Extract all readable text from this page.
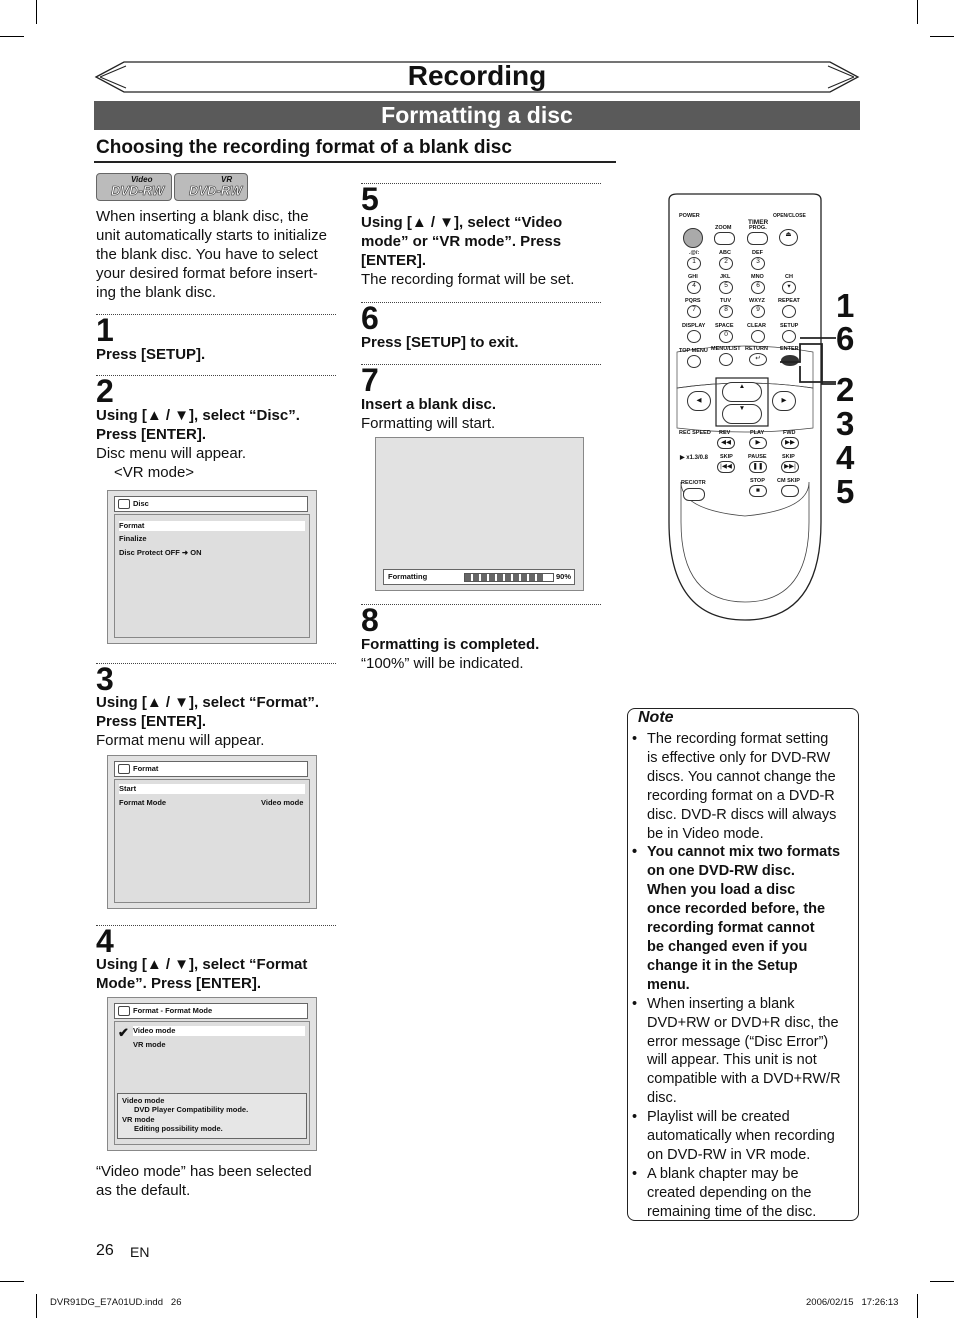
Recording
Formatting a disc
Choosing the recording format of a blank disc
Video
DVD-RW
VR
DVD-RW
When inserting a blank disc, the
unit automatically starts to initialize
the blank disc. You have to select
your desired format before insert-
ing the blank disc.
1
Press [SETUP].
2
Using [▲ / ▼], select “Disc”.
Press [ENTER].
Disc menu will appear.
<VR mode>
Disc
Format
Finalize
Disc Protect OFF ➜ ON
3
Using [▲ / ▼], select “Format”.
Press [ENTER].
Format menu will appear.
Format
Start
Format Mode	Video mode
4
Using [▲ / ▼], select “Format
Mode”. Press [ENTER].
Format - Format Mode
✔ Video mode
VR mode
Video mode
DVD Player Compatibility mode.
VR mode
Editing possibility mode.
“Video mode” has been selected
as the default.
5
Using [▲ / ▼], select “Video
mode” or “VR mode”. Press
[ENTER].
The recording format will be set.
6
Press [SETUP] to exit.
7
Insert a blank disc.
Formatting will start.
Formatting	90%
8
Formatting is completed.
“100%” will be indicated.
POWER
ZOOM
TIMER
PROG.
OPEN/CLOSE
⏏
.@/:	ABC	DEF
1	2	3
GHI	JKL	MNO	CH
4	5	6	▾
PQRS	TUV	WXYZ REPEAT
7	8	9
DISPLAY SPACE CLEAR	SETUP
0
TOP MENU MENU/LIST RETURN ENTER
↵
▲
▼
◀	▶
REC SPEED REV	PLAY	FWD
◀◀	▶	▶▶
▶ x1.3/0.8 SKIP	PAUSE	SKIP
|◀◀	❚❚	▶▶|
REC/OTR	STOP CM SKIP
■
1
6
2
3
4
5
Note
• The recording format setting
is effective only for DVD-RW
discs. You cannot change the
recording format on a DVD-R
disc. DVD-R discs will always
be in Video mode.
• You cannot mix two formats
on one DVD-RW disc.
When you load a disc
once recorded before, the
recording format cannot
be changed even if you
change it in the Setup
menu.
• When inserting a blank
DVD+RW or DVD+R disc, the
error message (“Disc Error”)
will appear. This unit is not
compatible with a DVD+RW/R
disc.
• Playlist will be created
automatically when recording
on DVD-RW in VR mode.
• A blank chapter may be
created depending on the
remaining time of the disc.
26 EN
DVR91DG_E7A01UD.indd   26	2006/02/15   17:26:13
